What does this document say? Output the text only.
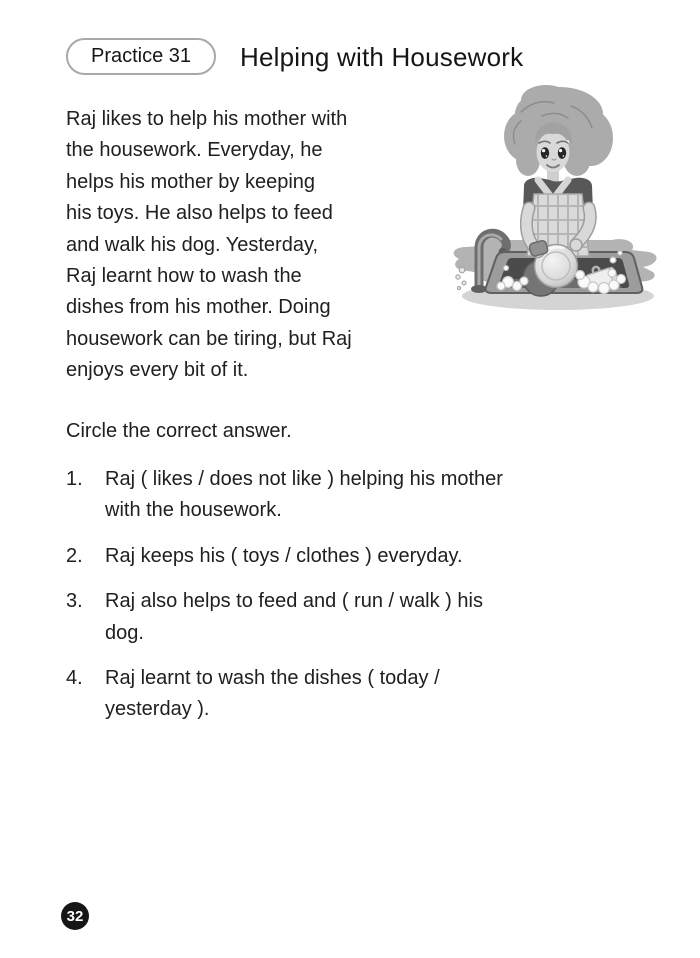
Practice 31 Helping with Housework
Raj likes to help his mother with
the housework. Everyday, he
helps his mother by keeping
his toys. He also helps to feed
and walk his dog. Yesterday,
Raj learnt how to wash the
dishes from his mother. Doing
housework can be tiring, but Raj
enjoys every bit of it.
Circle the correct answer.
1.	Raj ( likes / does not like ) helping his mother
with the housework.
2.	Raj keeps his ( toys / clothes ) everyday.
3.	Raj also helps to feed and ( run / walk ) his
dog.
4.	Raj learnt to wash the dishes ( today /
yesterday ).
32
